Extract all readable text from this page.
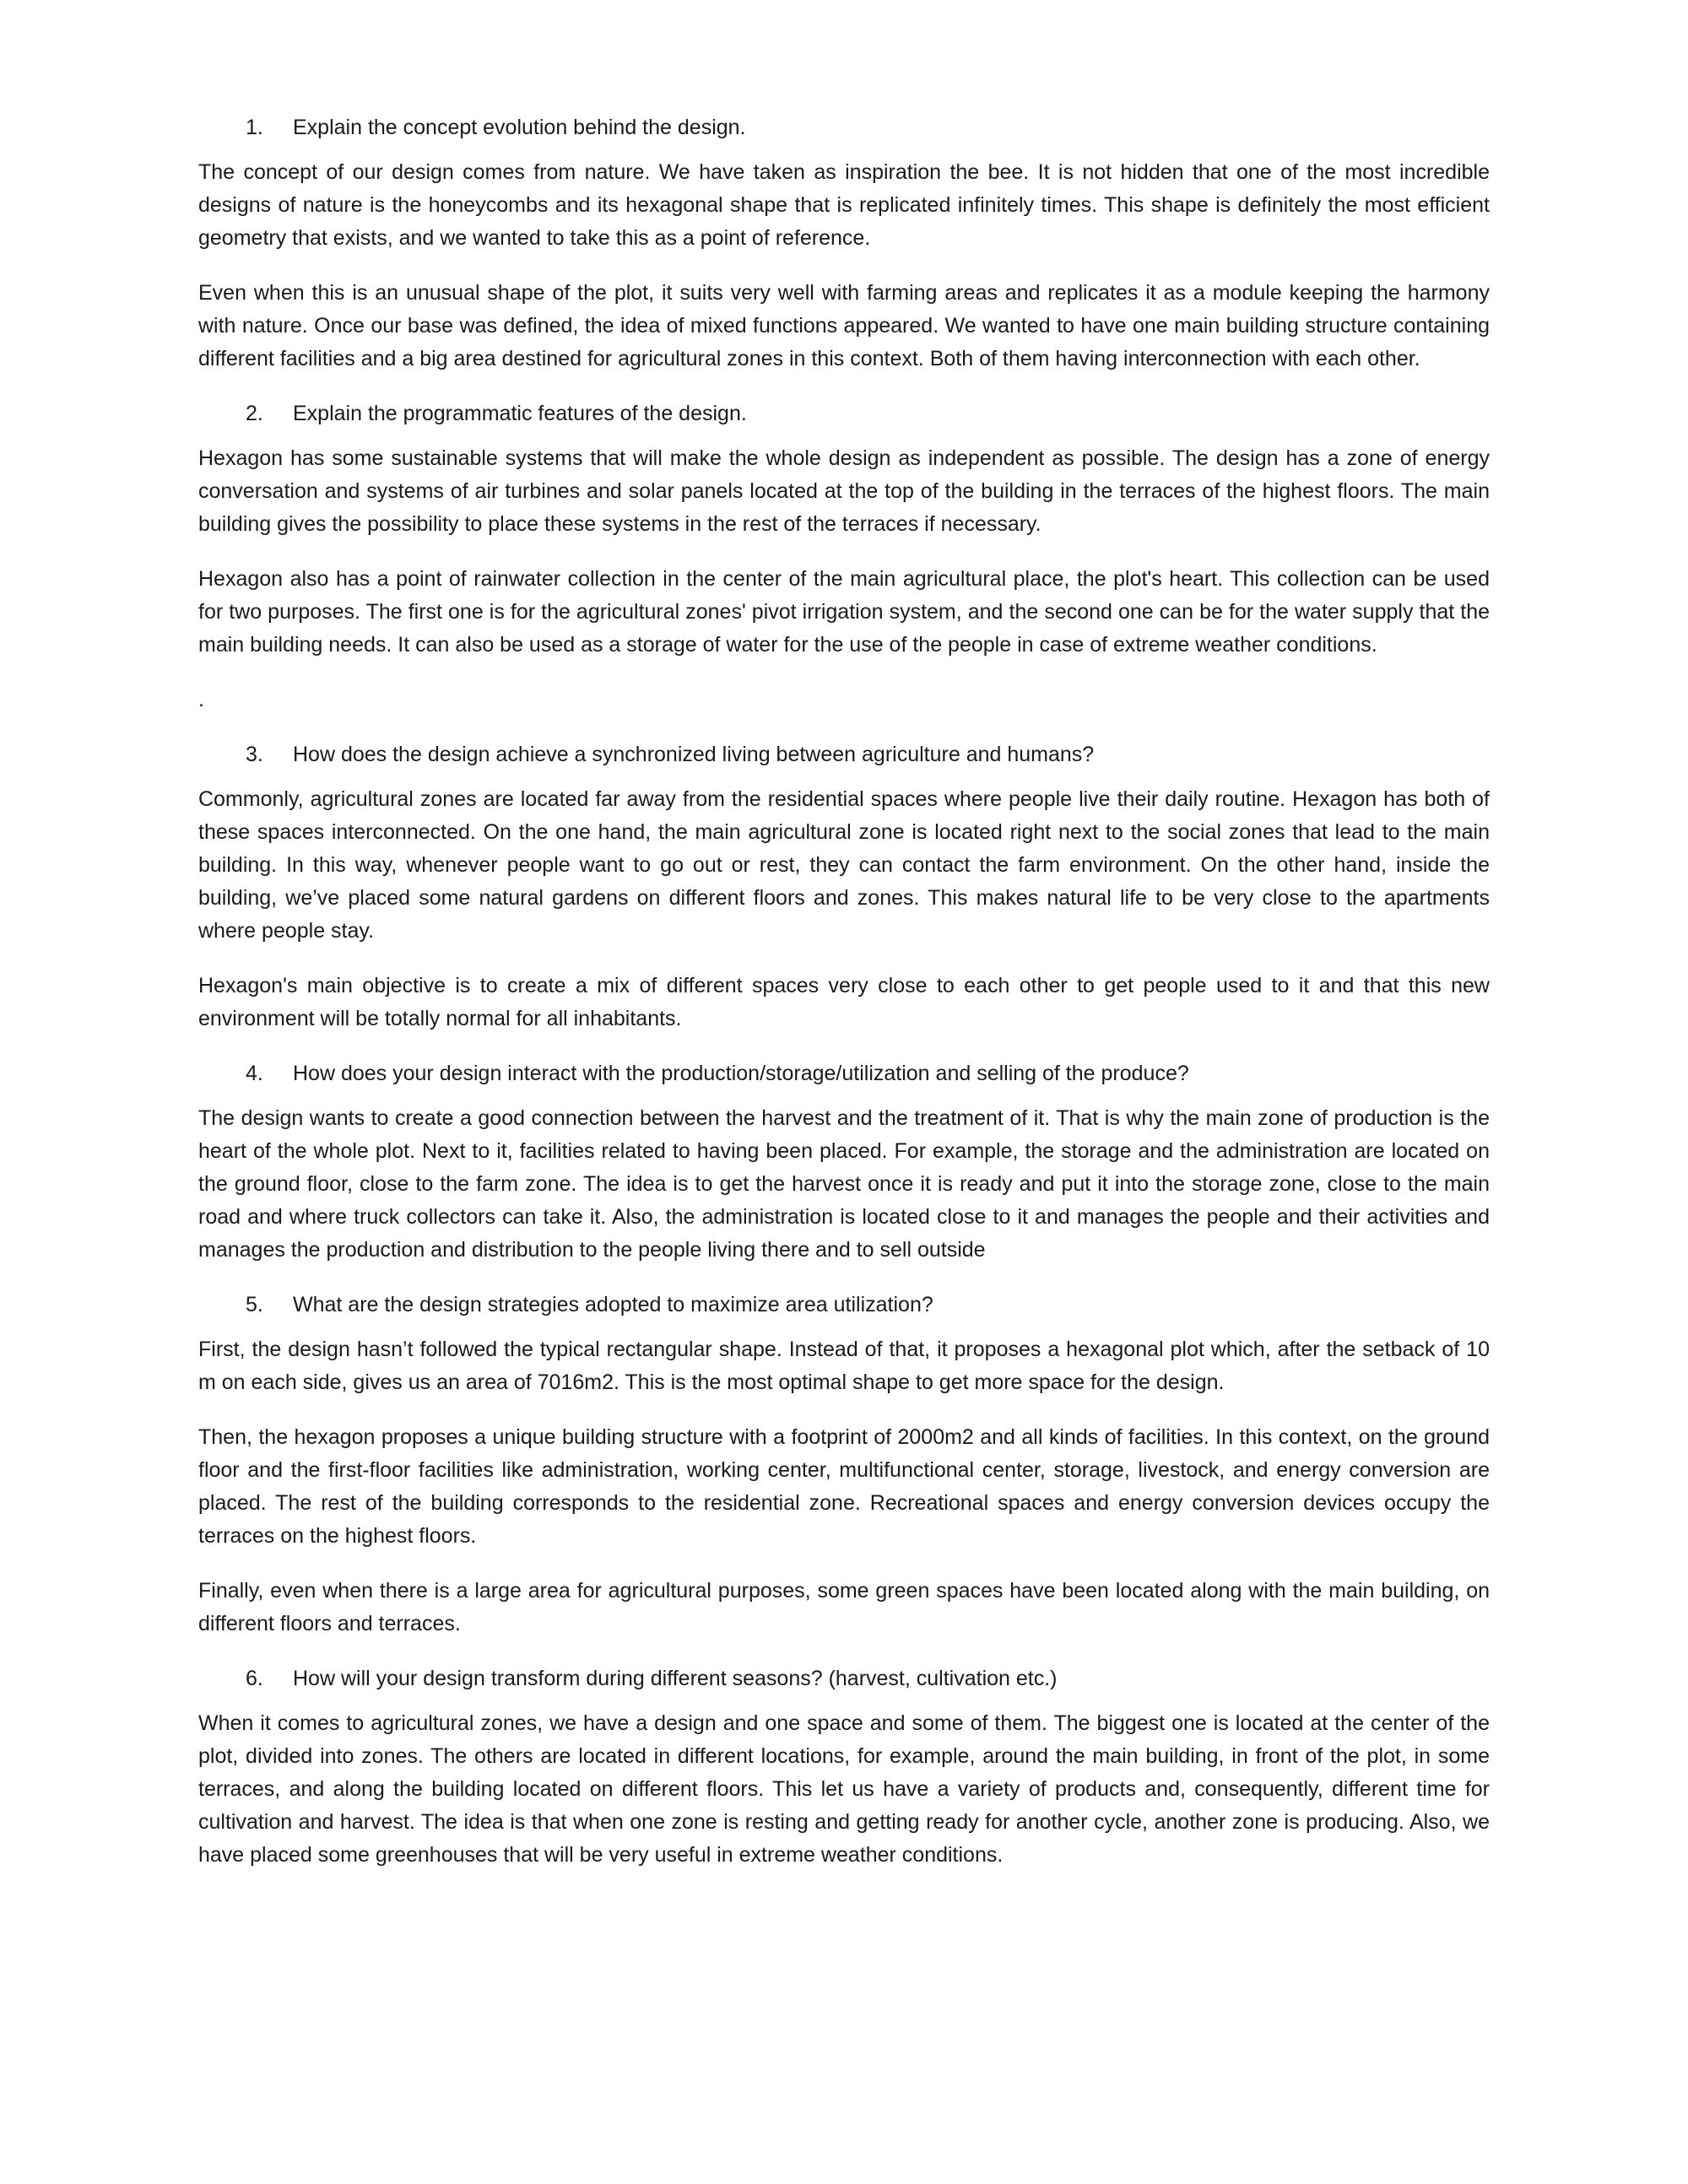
1.	Explain the concept evolution behind the design.

The concept of our design comes from nature. We have taken as inspiration the bee. It is not hidden that one of the most incredible designs of nature is the honeycombs and its hexagonal shape that is replicated infinitely times. This shape is definitely the most efficient geometry that exists, and we wanted to take this as a point of reference.

Even when this is an unusual shape of the plot, it suits very well with farming areas and replicates it as a module keeping the harmony with nature. Once our base was defined, the idea of mixed functions appeared. We wanted to have one main building structure containing different facilities and a big area destined for agricultural zones in this context. Both of them having interconnection with each other.

2.	Explain the programmatic features of the design.

Hexagon has some sustainable systems that will make the whole design as independent as possible. The design has a zone of energy conversation and systems of air turbines and solar panels located at the top of the building in the terraces of the highest floors. The main building gives the possibility to place these systems in the rest of the terraces if necessary.

Hexagon also has a point of rainwater collection in the center of the main agricultural place, the plot's heart. This collection can be used for two purposes. The first one is for the agricultural zones' pivot irrigation system, and the second one can be for the water supply that the main building needs. It can also be used as a storage of water for the use of the people in case of extreme weather conditions.

.

3.	How does the design achieve a synchronized living between agriculture and humans?

Commonly, agricultural zones are located far away from the residential spaces where people live their daily routine. Hexagon has both of these spaces interconnected. On the one hand, the main agricultural zone is located right next to the social zones that lead to the main building. In this way, whenever people want to go out or rest, they can contact the farm environment. On the other hand, inside the building, we’ve placed some natural gardens on different floors and zones. This makes natural life to be very close to the apartments where people stay.

Hexagon's main objective is to create a mix of different spaces very close to each other to get people used to it and that this new environment will be totally normal for all inhabitants.

4.	How does your design interact with the production/storage/utilization and selling of the produce?

The design wants to create a good connection between the harvest and the treatment of it. That is why the main zone of production is the heart of the whole plot. Next to it, facilities related to having been placed. For example, the storage and the administration are located on the ground floor, close to the farm zone. The idea is to get the harvest once it is ready and put it into the storage zone, close to the main road and where truck collectors can take it. Also, the administration is located close to it and manages the people and their activities and manages the production and distribution to the people living there and to sell outside

5.	What are the design strategies adopted to maximize area utilization?

First, the design hasn’t followed the typical rectangular shape. Instead of that, it proposes a hexagonal plot which, after the setback of 10 m on each side, gives us an area of 7016m2. This is the most optimal shape to get more space for the design.

Then, the hexagon proposes a unique building structure with a footprint of 2000m2 and all kinds of facilities. In this context, on the ground floor and the first-floor facilities like administration, working center, multifunctional center, storage, livestock, and energy conversion are placed. The rest of the building corresponds to the residential zone. Recreational spaces and energy conversion devices occupy the terraces on the highest floors.

Finally, even when there is a large area for agricultural purposes, some green spaces have been located along with the main building, on different floors and terraces.

6.	How will your design transform during different seasons? (harvest, cultivation etc.)

When it comes to agricultural zones, we have a design and one space and some of them. The biggest one is located at the center of the plot, divided into zones. The others are located in different locations, for example, around the main building, in front of the plot, in some terraces, and along the building located on different floors. This let us have a variety of products and, consequently, different time for cultivation and harvest. The idea is that when one zone is resting and getting ready for another cycle, another zone is producing. Also, we have placed some greenhouses that will be very useful in extreme weather conditions.
